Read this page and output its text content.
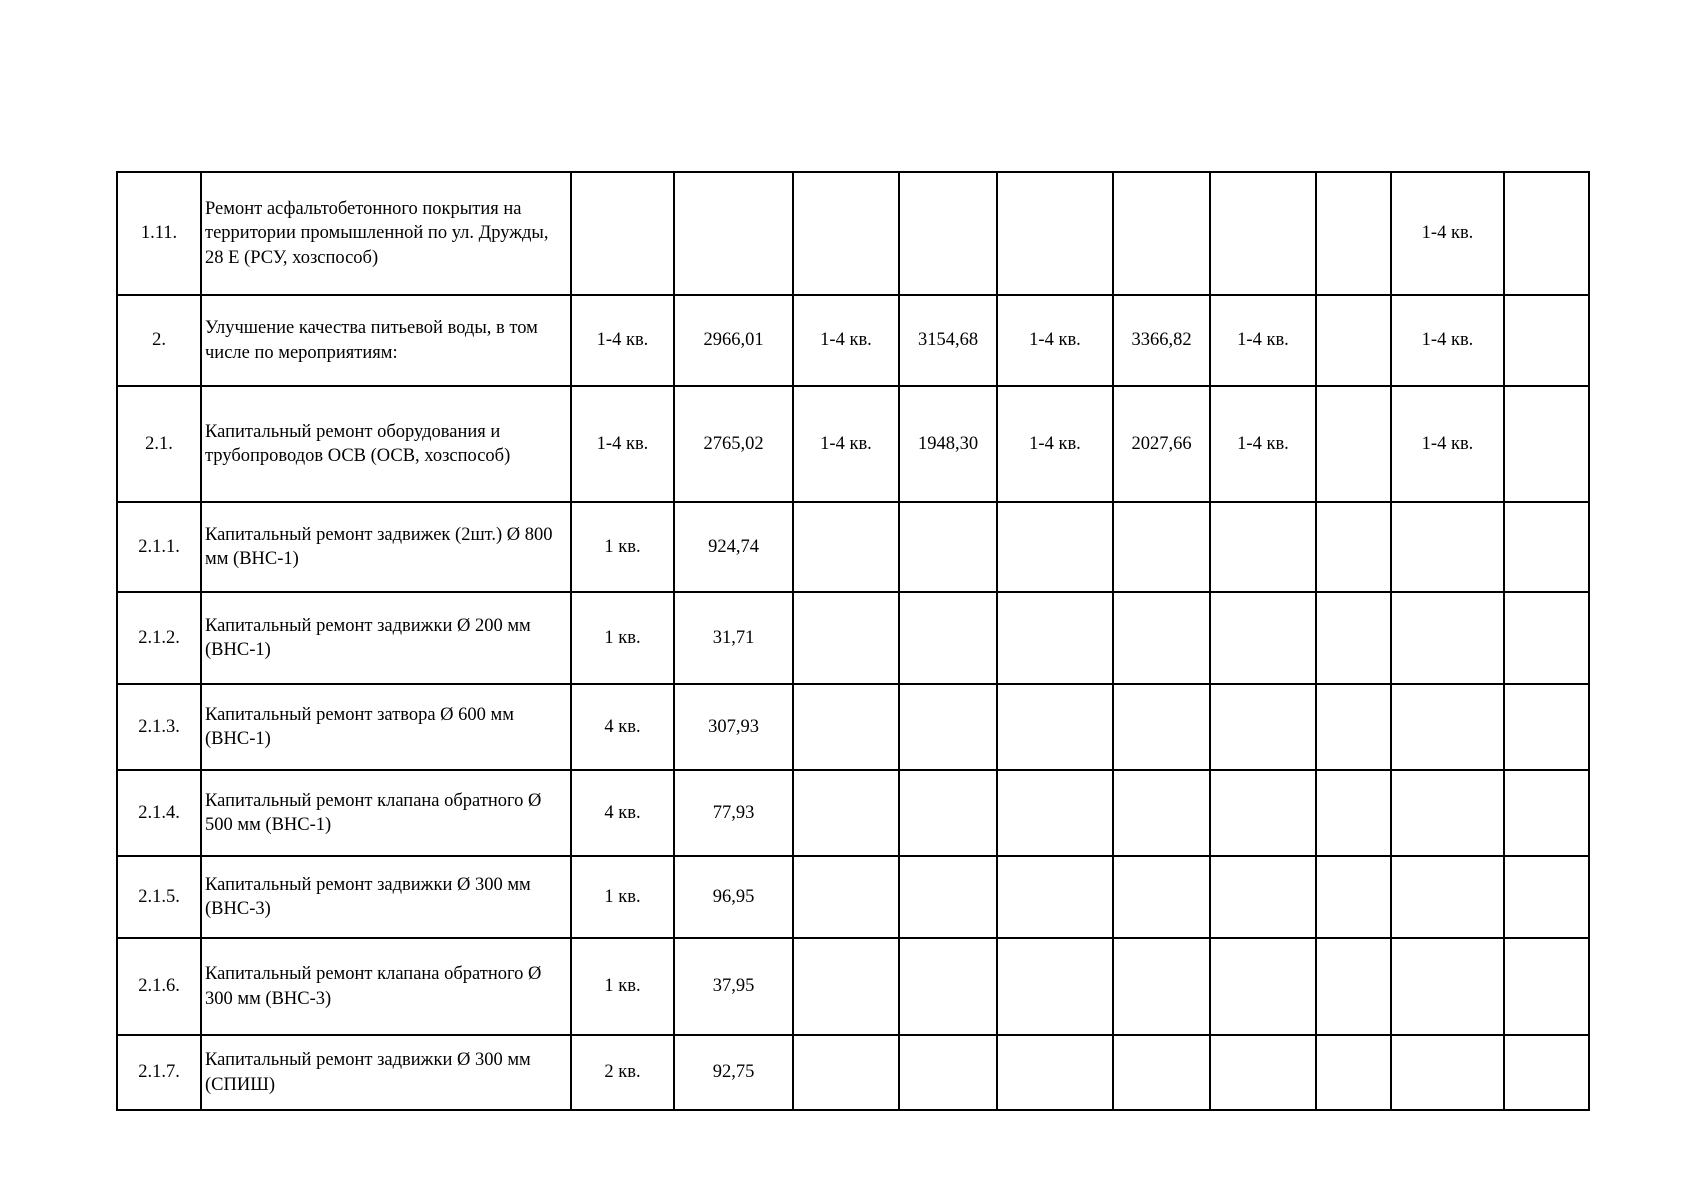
1.11.	Ремонт асфальтобетонного покрытия на территории промышленной по ул. Дружды, 28 Е (РСУ, хозспособ)									1-4 кв.	
2.	Улучшение качества питьевой воды, в том числе по мероприятиям:	1-4 кв.	2966,01	1-4 кв.	3154,68	1-4 кв.	3366,82	1-4 кв.		1-4 кв.	
2.1.	Капитальный ремонт оборудования и трубопроводов ОСВ (ОСВ, хозспособ)	1-4 кв.	2765,02	1-4 кв.	1948,30	1-4 кв.	2027,66	1-4 кв.		1-4 кв.	
2.1.1.	Капитальный ремонт задвижек (2шт.) Ø 800 мм (ВНС-1)	1 кв.	924,74								
2.1.2.	Капитальный ремонт задвижки Ø 200 мм (ВНС-1)	1 кв.	31,71								
2.1.3.	Капитальный ремонт затвора Ø 600 мм (ВНС-1)	4 кв.	307,93								
2.1.4.	Капитальный ремонт клапана обратного Ø 500 мм (ВНС-1)	4 кв.	77,93								
2.1.5.	Капитальный ремонт задвижки Ø 300 мм (ВНС-3)	1 кв.	96,95								
2.1.6.	Капитальный ремонт клапана обратного Ø 300 мм (ВНС-3)	1 кв.	37,95								
2.1.7.	Капитальный ремонт задвижки Ø 300 мм (СПИШ)	2 кв.	92,75								
